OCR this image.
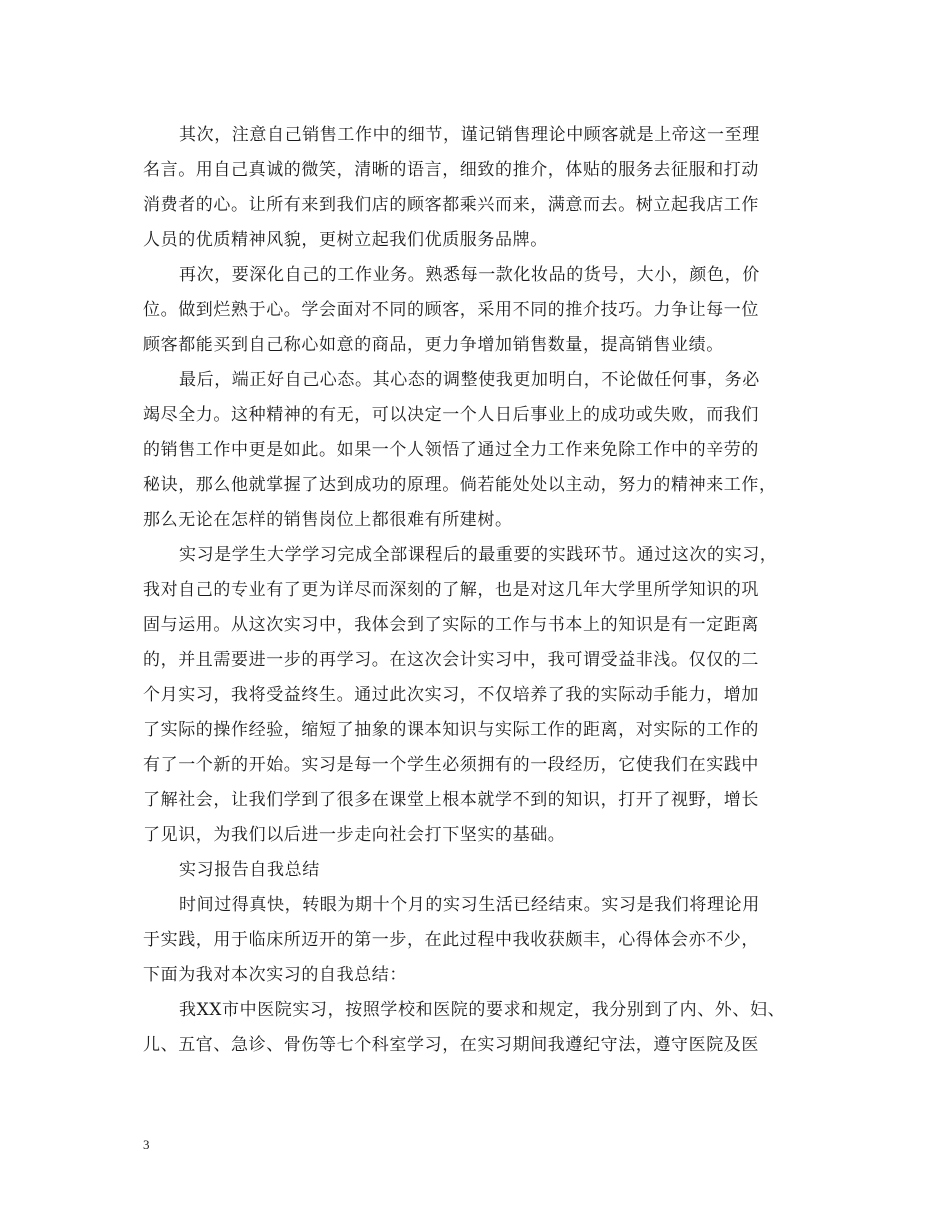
其次，注意自己销售工作中的细节，谨记销售理论中顾客就是上帝这一至理
名言。用自己真诚的微笑，清晰的语言，细致的推介，体贴的服务去征服和打动
消费者的心。让所有来到我们店的顾客都乘兴而来，满意而去。树立起我店工作
人员的优质精神风貌，更树立起我们优质服务品牌。
再次，要深化自己的工作业务。熟悉每一款化妆品的货号，大小，颜色，价
位。做到烂熟于心。学会面对不同的顾客，采用不同的推介技巧。力争让每一位
顾客都能买到自己称心如意的商品，更力争增加销售数量，提高销售业绩。
最后，端正好自己心态。其心态的调整使我更加明白，不论做任何事，务必
竭尽全力。这种精神的有无，可以决定一个人日后事业上的成功或失败，而我们
的销售工作中更是如此。如果一个人领悟了通过全力工作来免除工作中的辛劳的
秘诀，那么他就掌握了达到成功的原理。倘若能处处以主动，努力的精神来工作，
那么无论在怎样的销售岗位上都很难有所建树。
实习是学生大学学习完成全部课程后的最重要的实践环节。通过这次的实习，
我对自己的专业有了更为详尽而深刻的了解，也是对这几年大学里所学知识的巩
固与运用。从这次实习中，我体会到了实际的工作与书本上的知识是有一定距离
的，并且需要进一步的再学习。在这次会计实习中，我可谓受益非浅。仅仅的二
个月实习，我将受益终生。通过此次实习，不仅培养了我的实际动手能力，增加
了实际的操作经验，缩短了抽象的课本知识与实际工作的距离，对实际的工作的
有了一个新的开始。实习是每一个学生必须拥有的一段经历，它使我们在实践中
了解社会，让我们学到了很多在课堂上根本就学不到的知识，打开了视野，增长
了见识，为我们以后进一步走向社会打下坚实的基础。
实习报告自我总结
时间过得真快，转眼为期十个月的实习生活已经结束。实习是我们将理论用
于实践，用于临床所迈开的第一步，在此过程中我收获颇丰，心得体会亦不少，
下面为我对本次实习的自我总结：
我XX市中医院实习，按照学校和医院的要求和规定，我分别到了内、外、妇、
儿、五官、急诊、骨伤等七个科室学习，在实习期间我遵纪守法，遵守医院及医
3
